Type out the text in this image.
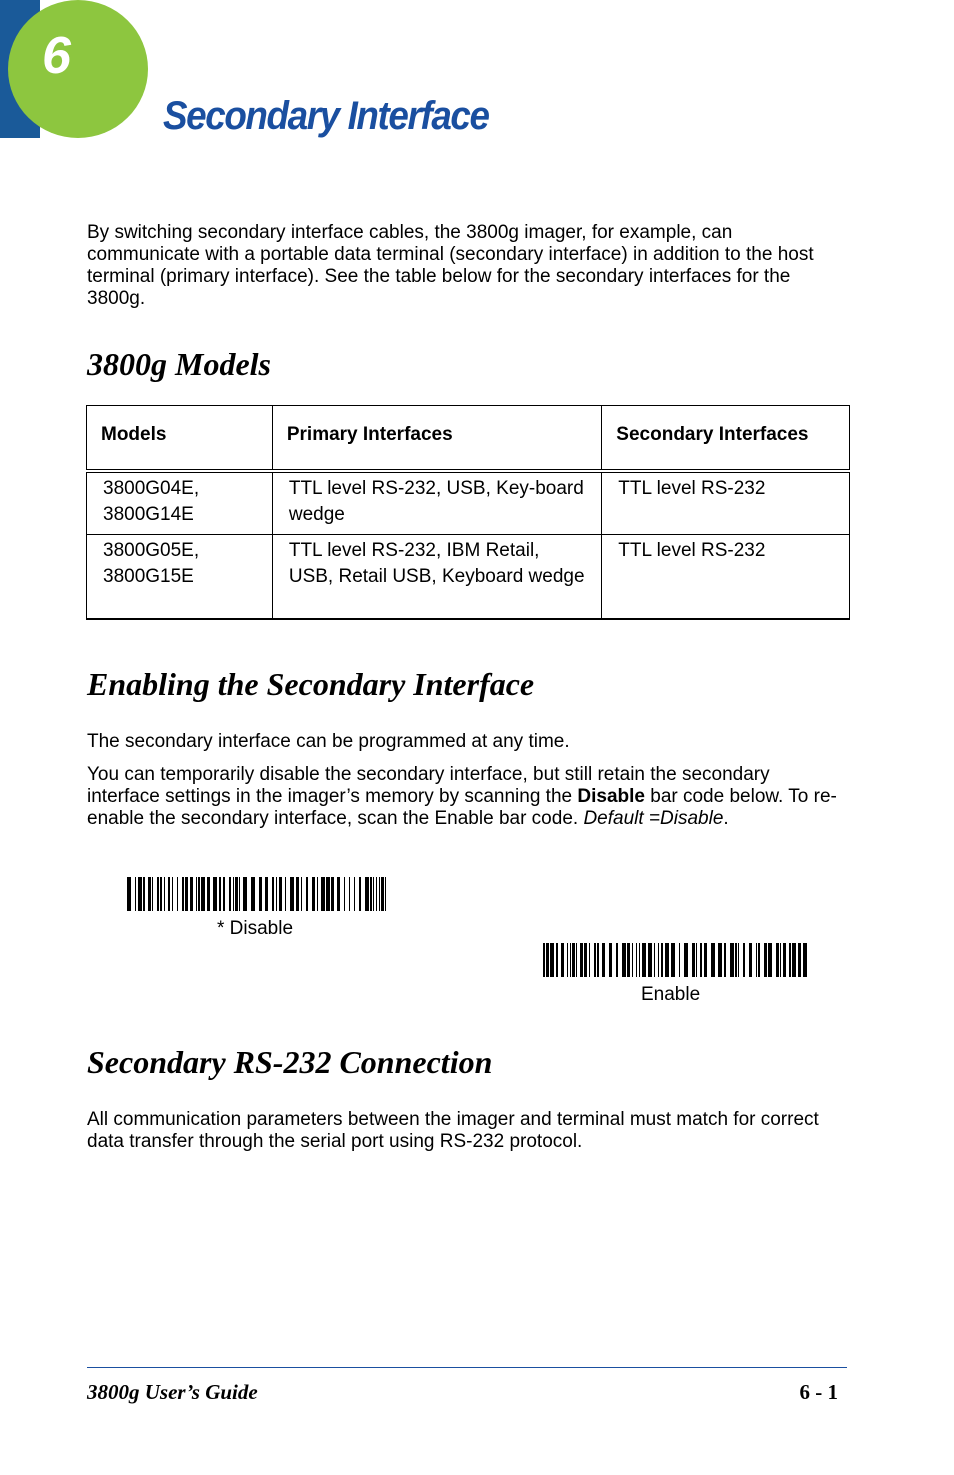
6
Secondary Interface
By switching secondary interface cables, the 3800g imager, for example, can communicate with a portable data terminal (secondary interface) in addition to the host terminal (primary interface). See the table below for the secondary interfaces for the 3800g.
3800g Models
Models	Primary Interfaces	Secondary Interfaces
3800G04E, 3800G14E	TTL level RS-232, USB, Key-board wedge	TTL level RS-232
3800G05E, 3800G15E	TTL level RS-232, IBM Retail, USB, Retail USB, Keyboard wedge	TTL level RS-232
Enabling the Secondary Interface
The secondary interface can be programmed at any time.
You can temporarily disable the secondary interface, but still retain the secondary interface settings in the imager’s memory by scanning the Disable bar code below. To re-enable the secondary interface, scan the Enable bar code. Default =Disable.
* Disable
Enable
Secondary RS-232 Connection
All communication parameters between the imager and terminal must match for correct data transfer through the serial port using RS-232 protocol.
3800g User’s Guide	6 - 1
